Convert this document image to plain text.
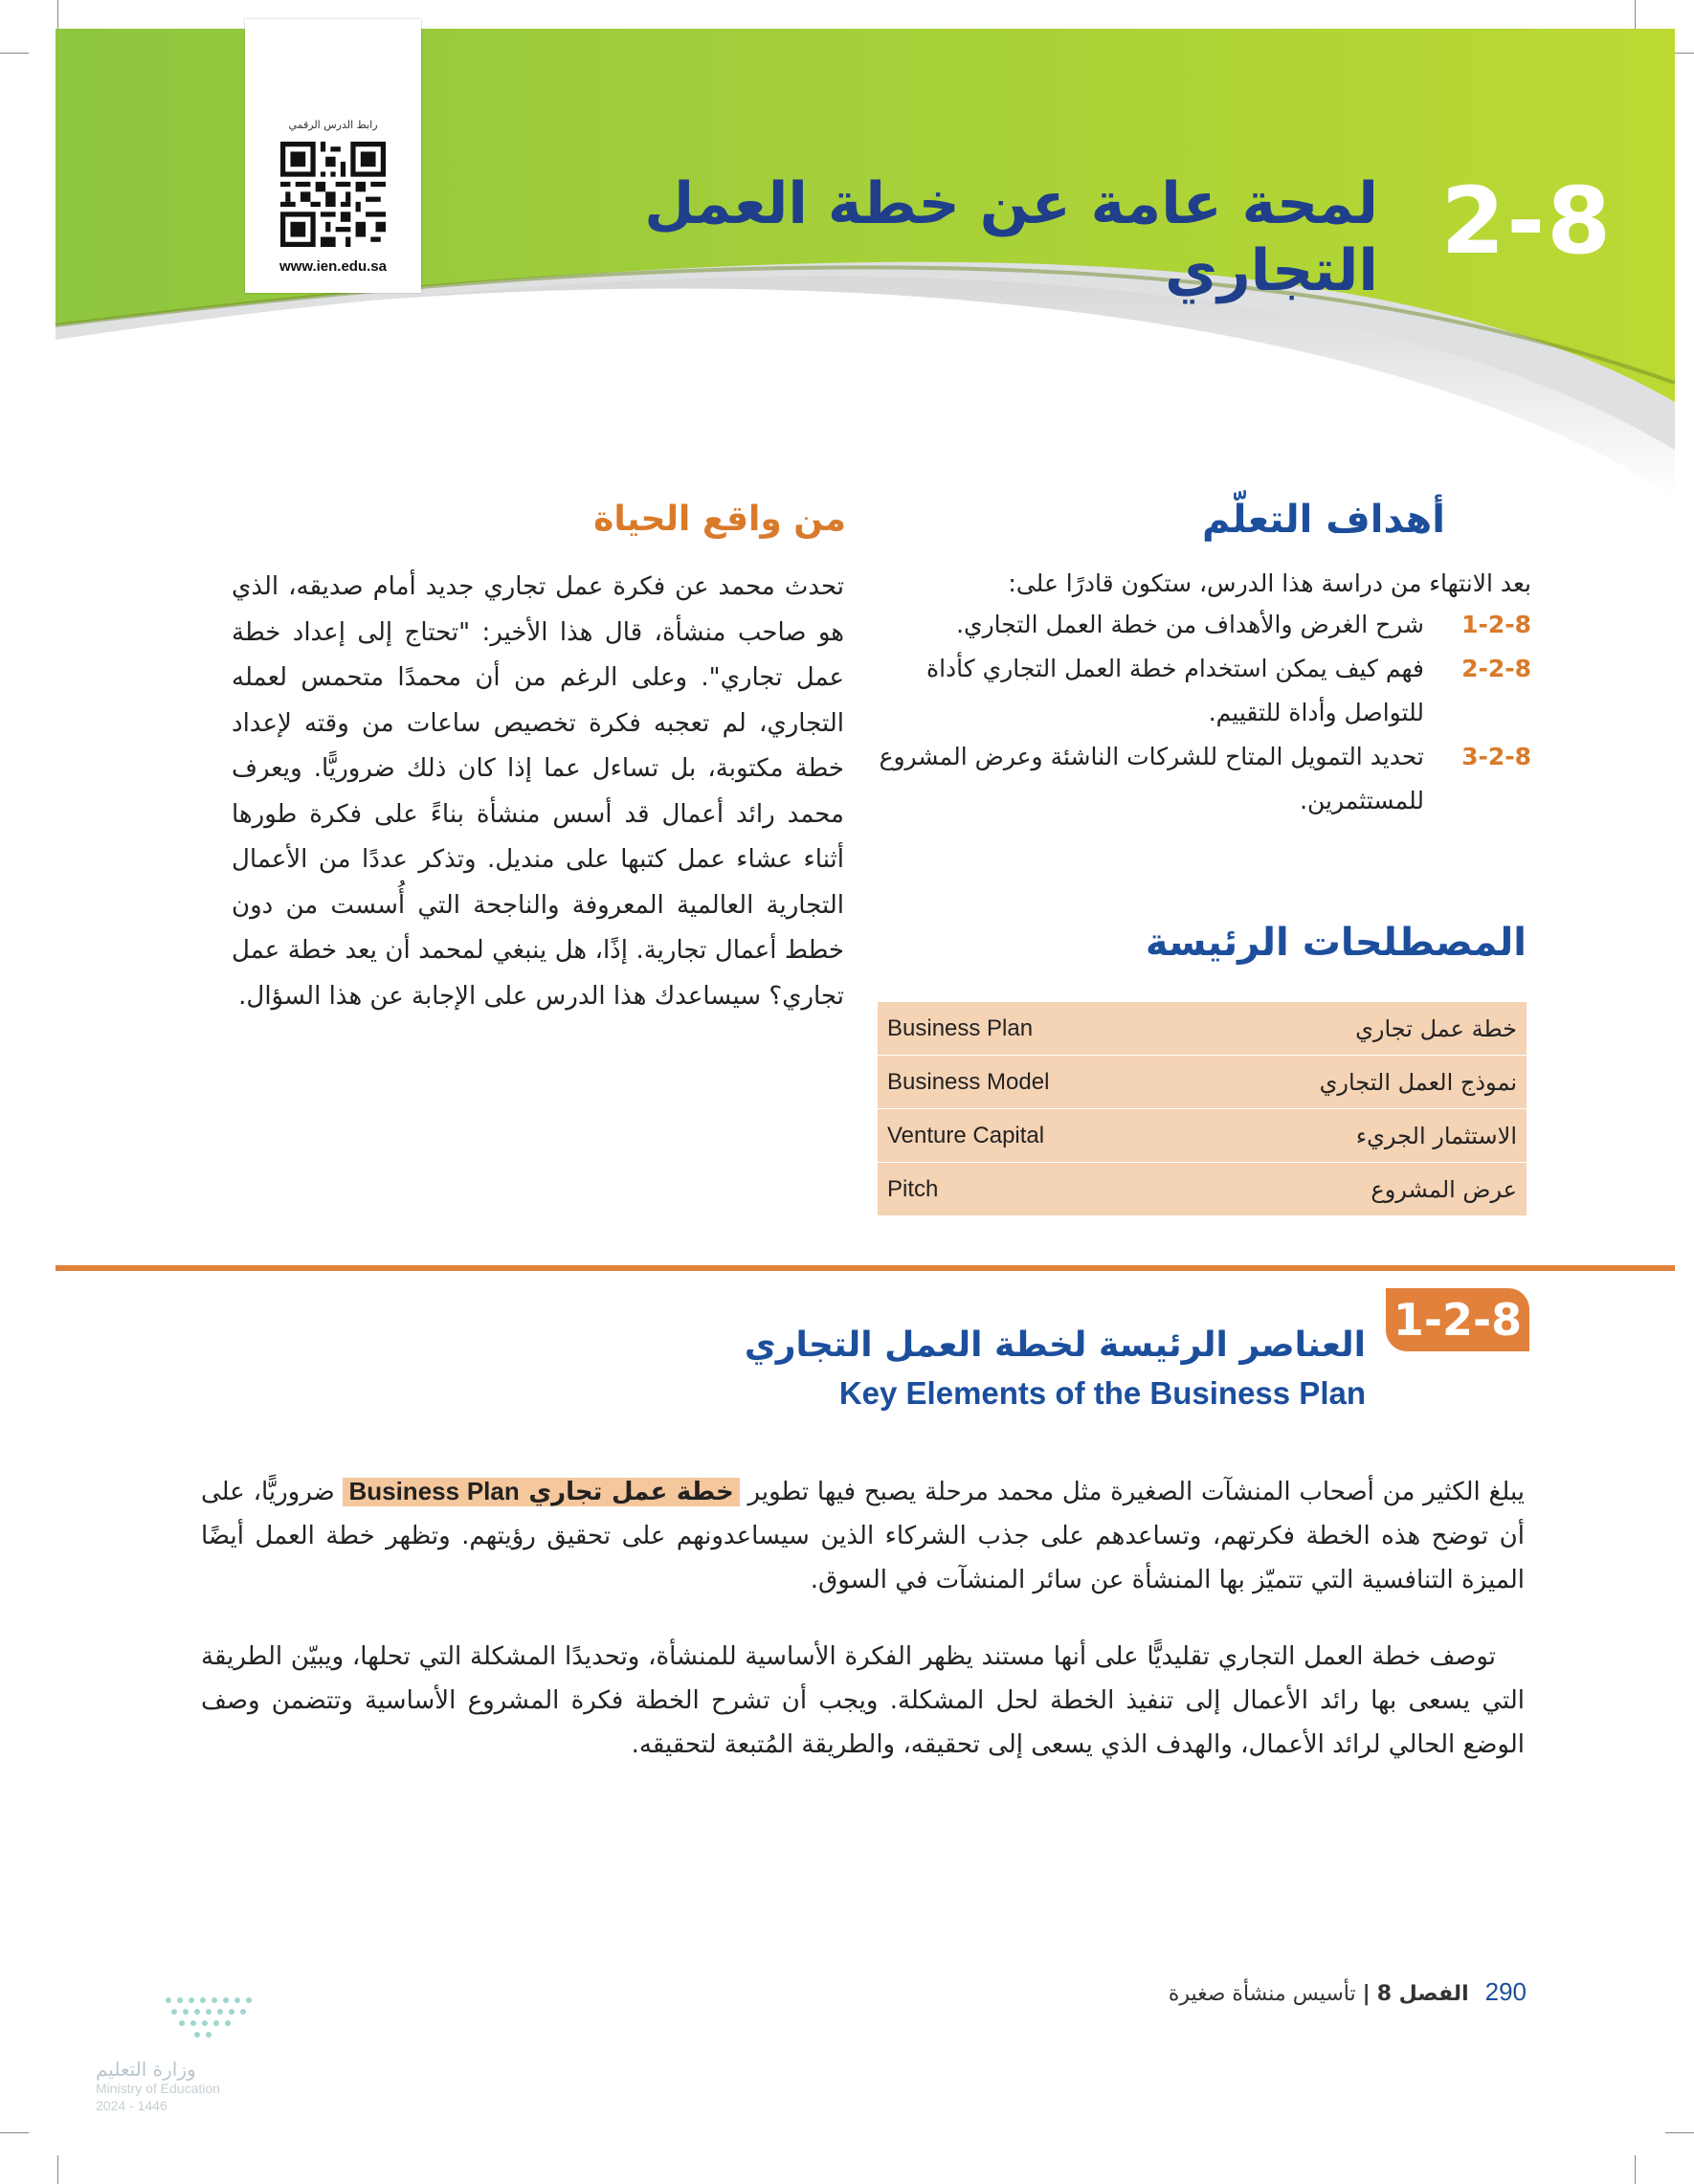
2-8
لمحة عامة عن خطة العمل التجاري
رابط الدرس الرقمي
www.ien.edu.sa
أهداف التعلّم

بعد الانتهاء من دراسة هذا الدرس، ستكون قادرًا على:

1-2-8
شرح الغرض والأهداف من خطة العمل التجاري.
2-2-8
فهم كيف يمكن استخدام خطة العمل التجاري كأداة للتواصل وأداة للتقييم.
3-2-8
تحديد التمويل المتاح للشركات الناشئة وعرض المشروع للمستثمرين.
المصطلحات الرئيسة
Business Plan	خطة عمل تجاري
Business Model	نموذج العمل التجاري
Venture Capital	الاستثمار الجريء
Pitch	عرض المشروع
من واقع الحياة
تحدث محمد عن فكرة عمل تجاري جديد أمام صديقه، الذي هو صاحب منشأة، قال هذا الأخير: "تحتاج إلى إعداد خطة عمل تجاري". وعلى الرغم من أن محمدًا متحمس لعمله التجاري، لم تعجبه فكرة تخصيص ساعات من وقته لإعداد خطة مكتوبة، بل تساءل عما إذا كان ذلك ضروريًّا. ويعرف محمد رائد أعمال قد أسس منشأة بناءً على فكرة طورها أثناء عشاء عمل كتبها على منديل. وتذكر عددًا من الأعمال التجارية العالمية المعروفة والناجحة التي أُسست من دون خطط أعمال تجارية. إذًا، هل ينبغي لمحمد أن يعد خطة عمل تجاري؟ سيساعدك هذا الدرس على الإجابة عن هذا السؤال.
1-2-8
العناصر الرئيسة لخطة العمل التجاري
Key Elements of the Business Plan
يبلغ الكثير من أصحاب المنشآت الصغيرة مثل محمد مرحلة يصبح فيها تطوير خطة عمل تجاري Business Plan ضروريًّا، على أن توضح هذه الخطة فكرتهم، وتساعدهم على جذب الشركاء الذين سيساعدونهم على تحقيق رؤيتهم. وتظهر خطة العمل أيضًا الميزة التنافسية التي تتميّز بها المنشأة عن سائر المنشآت في السوق.
توصف خطة العمل التجاري تقليديًّا على أنها مستند يظهر الفكرة الأساسية للمنشأة، وتحديدًا المشكلة التي تحلها، ويبيّن الطريقة التي يسعى بها رائد الأعمال إلى تنفيذ الخطة لحل المشكلة. ويجب أن تشرح الخطة فكرة المشروع الأساسية وتتضمن وصف الوضع الحالي لرائد الأعمال، والهدف الذي يسعى إلى تحقيقه، والطريقة المُتبعة لتحقيقه.
290 الفصل 8 | تأسيس منشأة صغيرة
وزارة التعليم
Ministry of Education
2024 - 1446
